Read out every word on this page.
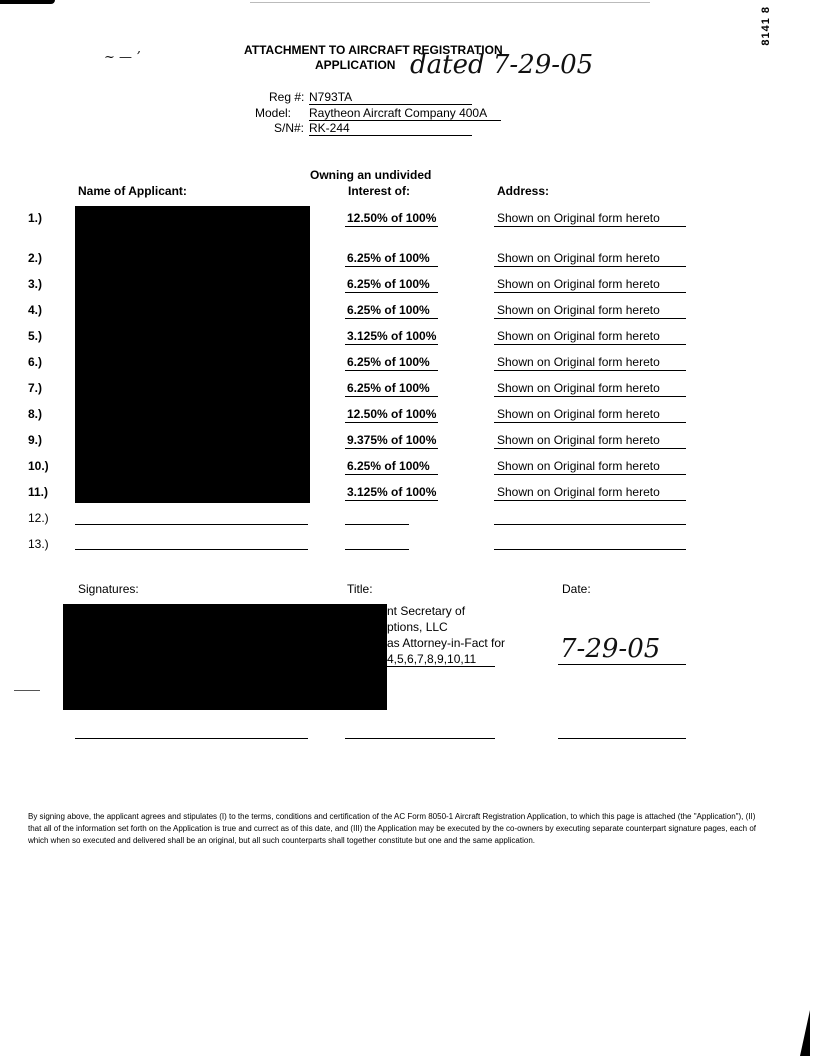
8141 8
~ — ʼ	ATTACHMENT TO AIRCRAFT REGISTRATION
APPLICATION dated 7-29-05
Reg #: N793TA
Model: Raytheon Aircraft Company 400A
S/N#: RK-244
Name of Applicant:
Owning an undivided
Interest of:	Address:
1.)	12.50% of 100%	Shown on Original form hereto
2.)	6.25% of 100%	Shown on Original form hereto
3.)	6.25% of 100%	Shown on Original form hereto
4.)	6.25% of 100%	Shown on Original form hereto
5.)	3.125% of 100%	Shown on Original form hereto
6.)	6.25% of 100%	Shown on Original form hereto
7.)	6.25% of 100%	Shown on Original form hereto
8.)	12.50% of 100%	Shown on Original form hereto
9.)	9.375% of 100%	Shown on Original form hereto
10.)	6.25% of 100%	Shown on Original form hereto
11.)	3.125% of 100%	Shown on Original form hereto
12.)
13.)
Signatures:	Title:	Date:
nt Secretary of
ptions, LLC
as Attorney-in-Fact for
4,5,6,7,8,9,10,11	7-29-05
By signing above, the applicant agrees and stipulates (I) to the terms, conditions and certification of the AC Form 8050-1 Aircraft Registration Application, to which this page is attached (the "Application"), (II) that all of the information set forth on the Application is true and currect as of this date, and (III) the Application may be executed by the co-owners by executing separate counterpart signature pages, each of which when so executed and delivered shall be an original, but all such counterparts shall together constitute but one and the same application.
